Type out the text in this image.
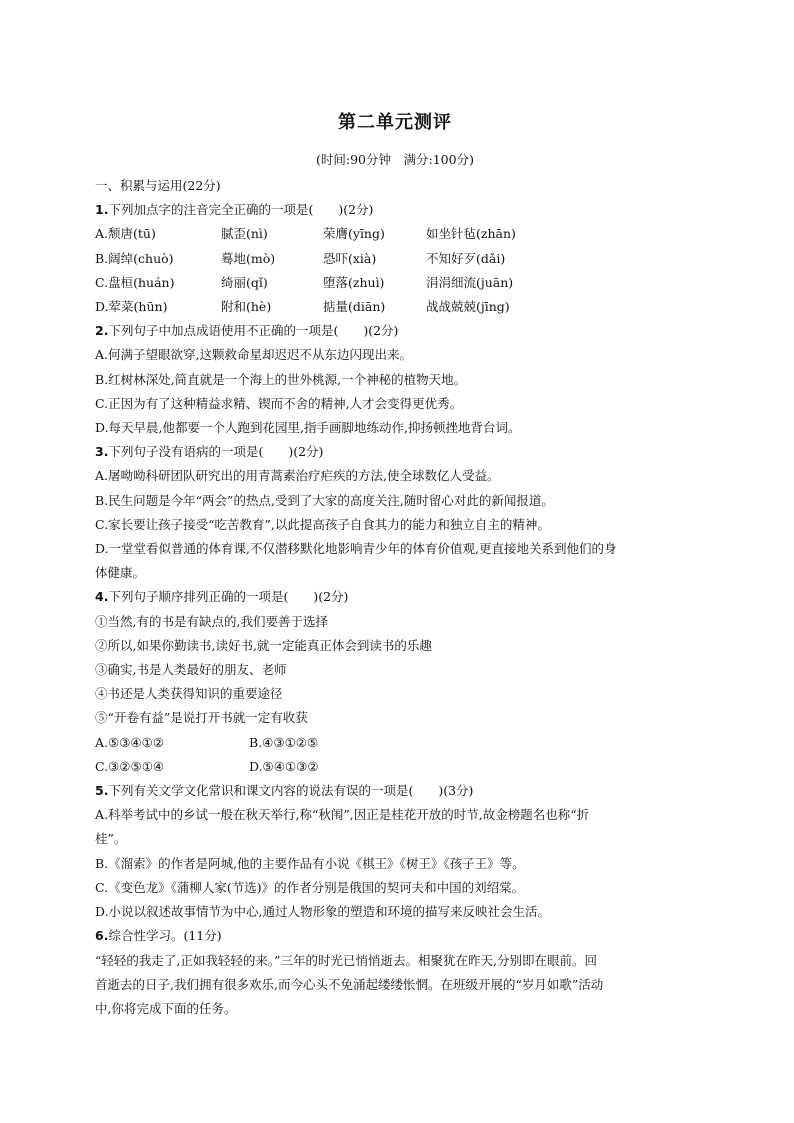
第二单元测评
(时间:90分钟　满分:100分)
一、积累与运用(22分)
1.下列加点字的注音完全正确的一项是(　　)(2分)
A.颓唐(tū)	腻歪(nì)	荣膺(yīng)	如坐针毡(zhān)
B.阔绰(chuò)	蓦地(mò)	恐吓(xià)	不知好歹(dǎi)
C.盘桓(huán)	绮丽(qǐ)	堕落(zhuì)	涓涓细流(juān)
D.荤菜(hūn)	附和(hè)	掂量(diān)	战战兢兢(jīng)
2.下列句子中加点成语使用不正确的一项是(　　)(2分)
A.何满子望眼欲穿,这颗救命星却迟迟不从东边闪现出来。
B.红树林深处,简直就是一个海上的世外桃源,一个神秘的植物天地。
C.正因为有了这种精益求精、锲而不舍的精神,人才会变得更优秀。
D.每天早晨,他都要一个人跑到花园里,指手画脚地练动作,抑扬顿挫地背台词。
3.下列句子没有语病的一项是(　　)(2分)
A.屠呦呦科研团队研究出的用青蒿素治疗疟疾的方法,使全球数亿人受益。
B.民生问题是今年“两会”的热点,受到了大家的高度关注,随时留心对此的新闻报道。
C.家长要让孩子接受“吃苦教育”,以此提高孩子自食其力的能力和独立自主的精神。
D.一堂堂看似普通的体育课,不仅潜移默化地影响青少年的体育价值观,更直接地关系到他们的身
体健康。
4.下列句子顺序排列正确的一项是(　　)(2分)
①当然,有的书是有缺点的,我们要善于选择
②所以,如果你勤读书,读好书,就一定能真正体会到读书的乐趣
③确实,书是人类最好的朋友、老师
④书还是人类获得知识的重要途径
⑤“开卷有益”是说打开书就一定有收获
A.⑤③④①②	B.④③①②⑤
C.③②⑤①④	D.⑤④①③②
5.下列有关文学文化常识和课文内容的说法有误的一项是(　　)(3分)
A.科举考试中的乡试一般在秋天举行,称“秋闱”,因正是桂花开放的时节,故金榜题名也称“折
桂”。
B.《溜索》的作者是阿城,他的主要作品有小说《棋王》《树王》《孩子王》等。
C.《变色龙》《蒲柳人家(节选)》的作者分别是俄国的契诃夫和中国的刘绍棠。
D.小说以叙述故事情节为中心,通过人物形象的塑造和环境的描写来反映社会生活。
6.综合性学习。(11分)
“轻轻的我走了,正如我轻轻的来。”三年的时光已悄悄逝去。相聚犹在昨天,分别即在眼前。回
首逝去的日子,我们拥有很多欢乐,而今心头不免涌起缕缕怅惘。在班级开展的“岁月如歌”活动
中,你将完成下面的任务。
